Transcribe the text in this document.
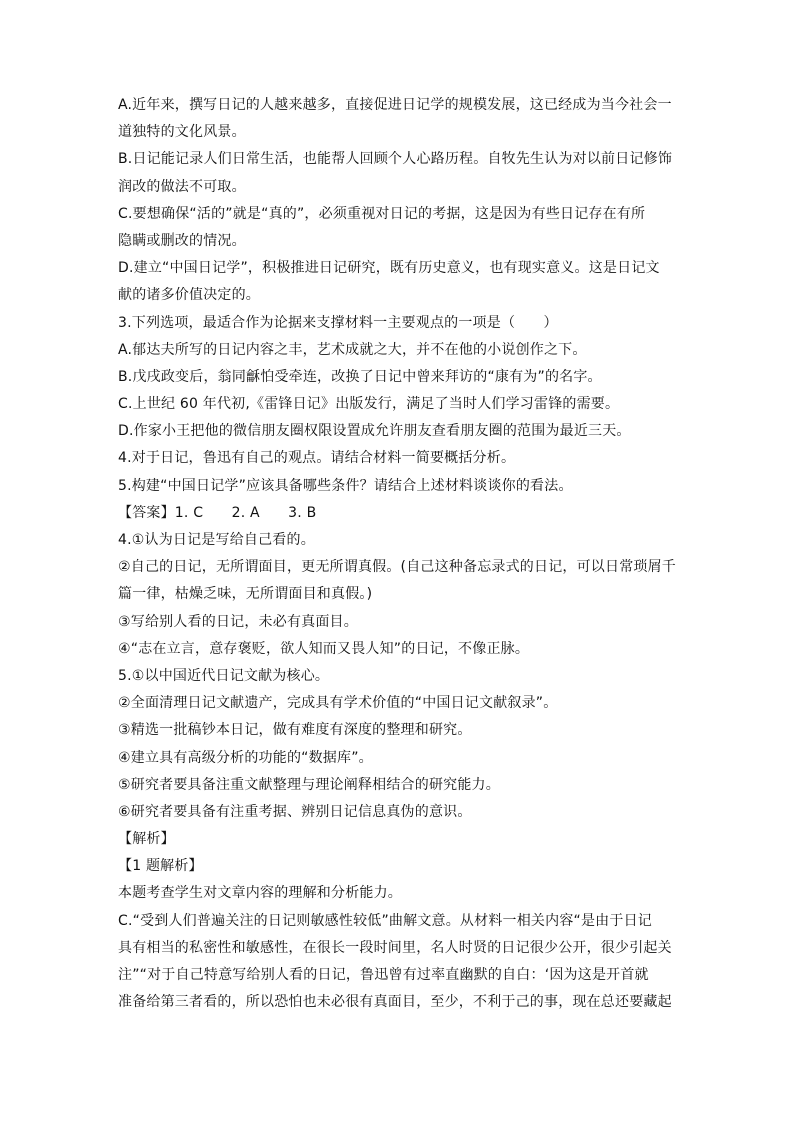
A.近年来，撰写日记的人越来越多，直接促进日记学的规模发展，这已经成为当今社会一
道独特的文化风景。
B.日记能记录人们日常生活，也能帮人回顾个人心路历程。自牧先生认为对以前日记修饰
润改的做法不可取。
C.要想确保“活的”就是“真的”，必须重视对日记的考据，这是因为有些日记存在有所
隐瞒或删改的情况。
D.建立“中国日记学”，积极推进日记研究，既有历史意义，也有现实意义。这是日记文
献的诸多价值决定的。
3.下列选项，最适合作为论据来支撑材料一主要观点的一项是（　　）
A.郁达夫所写的日记内容之丰，艺术成就之大，并不在他的小说创作之下。
B.戊戌政变后，翁同龢怕受牵连，改换了日记中曾来拜访的“康有为”的名字。
C.上世纪 60 年代初,《雷锋日记》出版发行，满足了当时人们学习雷锋的需要。
D.作家小王把他的微信朋友圈权限设置成允许朋友查看朋友圈的范围为最近三天。
4.对于日记，鲁迅有自己的观点。请结合材料一简要概括分析。
5.构建“中国日记学”应该具备哪些条件？请结合上述材料谈谈你的看法。
【答案】1. C　　2. A　　3. B
4.①认为日记是写给自己看的。
②自己的日记，无所谓面目，更无所谓真假。(自己这种备忘录式的日记，可以日常琐屑千
篇一律，枯燥乏味，无所谓面目和真假。)
③写给别人看的日记，未必有真面目。
④“志在立言，意存褒贬，欲人知而又畏人知”的日记，不像正脉。
5.①以中国近代日记文献为核心。
②全面清理日记文献遗产，完成具有学术价值的“中国日记文献叙录”。
③精选一批稿钞本日记，做有难度有深度的整理和研究。
④建立具有高级分析的功能的“数据库”。
⑤研究者要具备注重文献整理与理论阐释相结合的研究能力。
⑥研究者要具备有注重考据、辨别日记信息真伪的意识。
【解析】
【1 题解析】
本题考查学生对文章内容的理解和分析能力。
C.“受到人们普遍关注的日记则敏感性较低”曲解文意。从材料一相关内容“是由于日记
具有相当的私密性和敏感性，在很长一段时间里，名人时贤的日记很少公开，很少引起关
注”“对于自己特意写给别人看的日记，鲁迅曾有过率直幽默的自白：‘因为这是开首就
准备给第三者看的，所以恐怕也未必很有真面目，至少，不利于己的事，现在总还要藏起
